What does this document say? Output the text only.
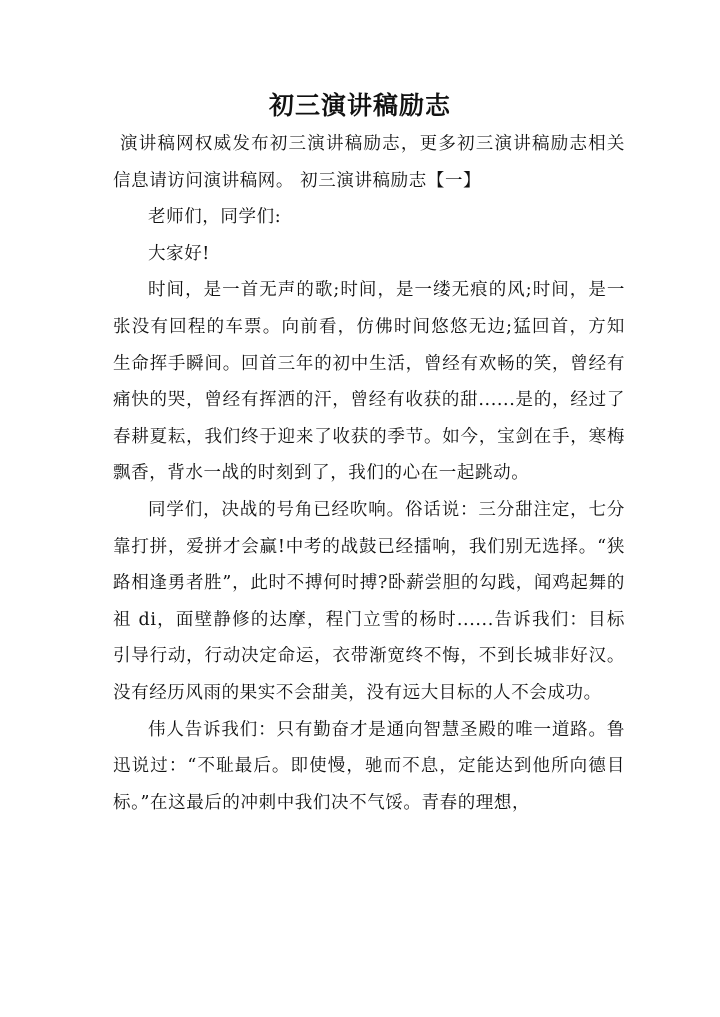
初三演讲稿励志

演讲稿网权威发布初三演讲稿励志，更多初三演讲稿励志相关信息请访问演讲稿网。 初三演讲稿励志【一】

老师们，同学们:

大家好!

时间，是一首无声的歌;时间，是一缕无痕的风;时间，是一张没有回程的车票。向前看，仿佛时间悠悠无边;猛回首，方知生命挥手瞬间。回首三年的初中生活，曾经有欢畅的笑，曾经有痛快的哭，曾经有挥洒的汗，曾经有收获的甜......是的，经过了春耕夏耘，我们终于迎来了收获的季节。如今，宝剑在手，寒梅飘香，背水一战的时刻到了，我们的心在一起跳动。

同学们，决战的号角已经吹响。俗话说：三分甜注定，七分靠打拼，爱拼才会赢!中考的战鼓已经擂响，我们别无选择。“狭路相逢勇者胜”，此时不搏何时搏?卧薪尝胆的勾践，闻鸡起舞的祖 di，面壁静修的达摩，程门立雪的杨时......告诉我们：目标引导行动，行动决定命运，衣带渐宽终不悔，不到长城非好汉。没有经历风雨的果实不会甜美，没有远大目标的人不会成功。

伟人告诉我们：只有勤奋才是通向智慧圣殿的唯一道路。鲁迅说过：“不耻最后。即使慢，驰而不息，定能达到他所向德目标。”在这最后的冲刺中我们决不气馁。青春的理想，
